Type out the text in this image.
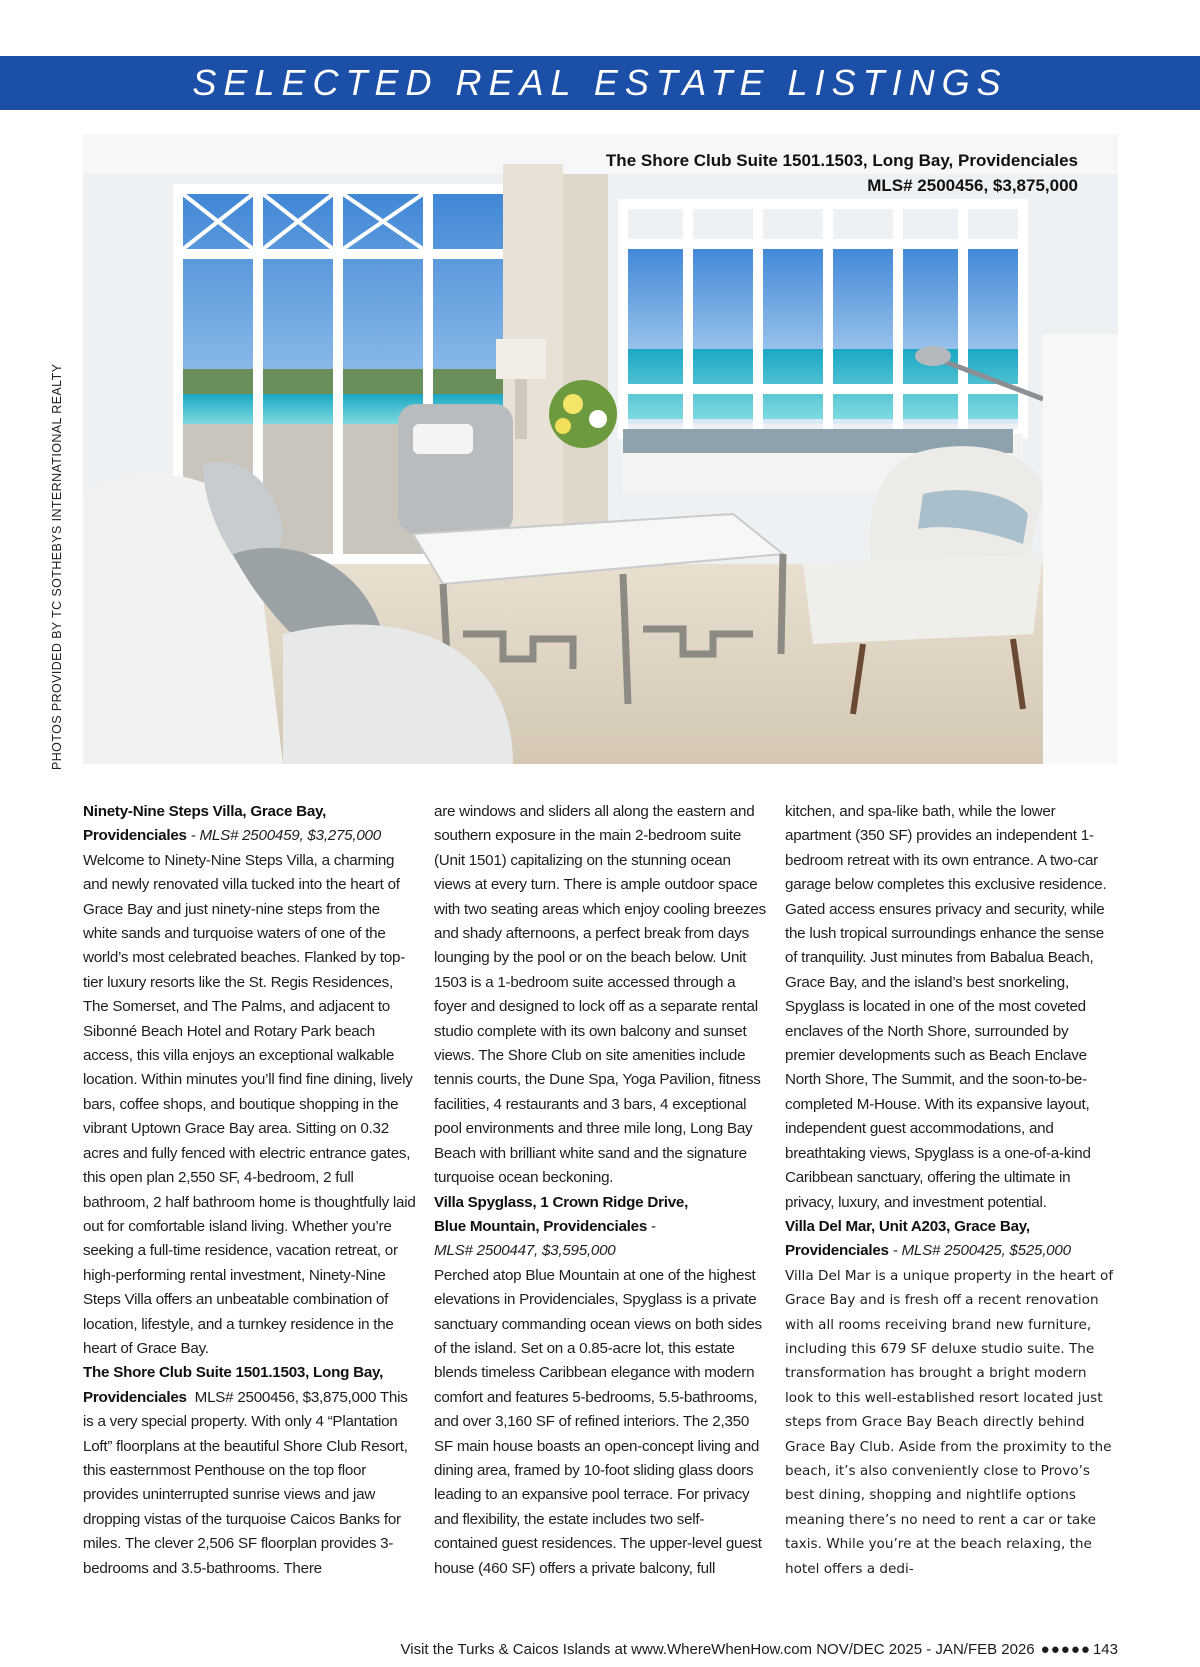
SELECTED REAL ESTATE LISTINGS
PHOTOS PROVIDED BY TC SOTHEBYS INTERNATIONAL REALTY
The Shore Club Suite 1501.1503, Long Bay, Providenciales
MLS# 2500456, $3,875,000

Ninety-Nine Steps Villa, Grace Bay, Providenciales - MLS# 2500459, $3,275,000 Welcome to Ninety-Nine Steps Villa, a charming and newly renovated villa tucked into the heart of Grace Bay and just ninety-nine steps from the white sands and turquoise waters of one of the world’s most celebrated beaches. Flanked by top-tier luxury resorts like the St. Regis Residences, The Somerset, and The Palms, and adjacent to Sibonné Beach Hotel and Rotary Park beach access, this villa enjoys an exceptional walkable location. Within minutes you’ll find fine dining, lively bars, coffee shops, and boutique shopping in the vibrant Uptown Grace Bay area. Sitting on 0.32 acres and fully fenced with electric entrance gates, this open plan 2,550 SF, 4-bedroom, 2 full bathroom, 2 half bathroom home is thoughtfully laid out for comfortable island living. Whether you’re seeking a full-time residence, vacation retreat, or high-performing rental investment, Ninety-Nine Steps Villa offers an unbeatable combination of location, lifestyle, and a turnkey residence in the heart of Grace Bay.

The Shore Club Suite 1501.1503, Long Bay, Providenciales MLS# 2500456, $3,875,000 This is a very special property. With only 4 “Plantation Loft” floorplans at the beautiful Shore Club Resort, this easternmost Penthouse on the top floor provides uninterrupted sunrise views and jaw dropping vistas of the turquoise Caicos Banks for miles. The clever 2,506 SF floorplan provides 3-bedrooms and 3.5-bathrooms. There

are windows and sliders all along the eastern and southern exposure in the main 2-bedroom suite (Unit 1501) capitalizing on the stunning ocean views at every turn. There is ample outdoor space with two seating areas which enjoy cooling breezes and shady afternoons, a perfect break from days lounging by the pool or on the beach below. Unit 1503 is a 1-bedroom suite accessed through a foyer and designed to lock off as a separate rental studio complete with its own balcony and sunset views. The Shore Club on site amenities include tennis courts, the Dune Spa, Yoga Pavilion, fitness facilities, 4 restaurants and 3 bars, 4 exceptional pool environments and three mile long, Long Bay Beach with brilliant white sand and the signature turquoise ocean beckoning.

Villa Spyglass, 1 Crown Ridge Drive,
Blue Mountain, Providenciales -
MLS# 2500447, $3,595,000
Perched atop Blue Mountain at one of the highest elevations in Providenciales, Spyglass is a private sanctuary commanding ocean views on both sides of the island. Set on a 0.85-acre lot, this estate blends timeless Caribbean elegance with modern comfort and features 5-bedrooms, 5.5-bathrooms, and over 3,160 SF of refined interiors. The 2,350 SF main house boasts an open-concept living and dining area, framed by 10-foot sliding glass doors leading to an expansive pool terrace. For privacy and flexibility, the estate includes two self-contained guest residences. The upper-level guest house (460 SF) offers a private balcony, full

kitchen, and spa-like bath, while the lower apartment (350 SF) provides an independent 1-bedroom retreat with its own entrance. A two-car garage below completes this exclusive residence. Gated access ensures privacy and security, while the lush tropical surroundings enhance the sense of tranquility. Just minutes from Babalua Beach, Grace Bay, and the island’s best snorkeling, Spyglass is located in one of the most coveted enclaves of the North Shore, surrounded by premier developments such as Beach Enclave North Shore, The Summit, and the soon-to-be-completed M-House. With its expansive layout, independent guest accommodations, and breathtaking views, Spyglass is a one-of-a-kind Caribbean sanctuary, offering the ultimate in privacy, luxury, and investment potential.

Villa Del Mar, Unit A203, Grace Bay, Providenciales - MLS# 2500425, $525,000

Villa Del Mar is a unique property in the heart of Grace Bay and is fresh off a recent renovation with all rooms receiving brand new furniture, including this 679 SF deluxe studio suite. The transformation has brought a bright modern look to this well-established resort located just steps from Grace Bay Beach directly behind Grace Bay Club. Aside from the proximity to the beach, it’s also conveniently close to Provo’s best dining, shopping and nightlife options meaning there’s no need to rent a car or take taxis. While you’re at the beach relaxing, the hotel offers a dedi-

Visit the Turks & Caicos Islands at www.WhereWhenHow.com NOV/DEC 2025 - JAN/FEB 2026 ●●●●● 143
